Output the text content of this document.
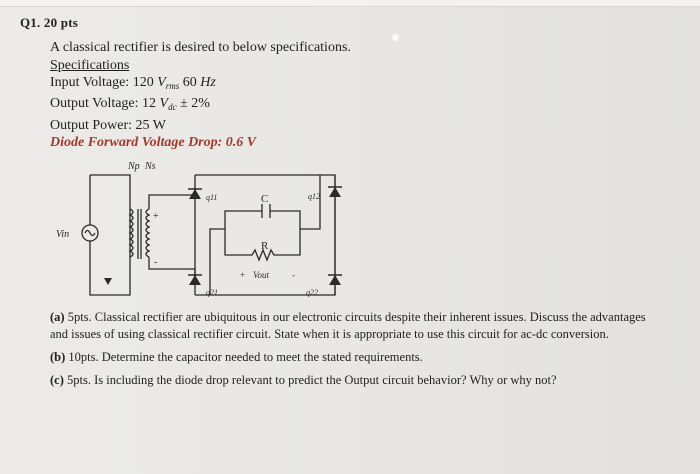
Q1. 20 pts
A classical rectifier is desired to below specifications.
Specifications
Input Voltage: 120 $V_{rms}$ 60 Hz
Output Voltage: 12 $V_{dc} \pm 2\%$
Output Power: 25 W
Diode Forward Voltage Drop: 0.6 V
Np Ns
Vin
+
-
q11	q12
q21	q22
C
R
+ Vout	-

(a) 5pts. Classical rectifier are ubiquitous in our electronic circuits despite their inherent issues. Discuss the advantages and issues of using classical rectifier circuit. State when it is appropriate to use this circuit for ac-dc conversion.

(b) 10pts. Determine the capacitor needed to meet the stated requirements.

(c) 5pts. Is including the diode drop relevant to predict the Output circuit behavior? Why or why not?
